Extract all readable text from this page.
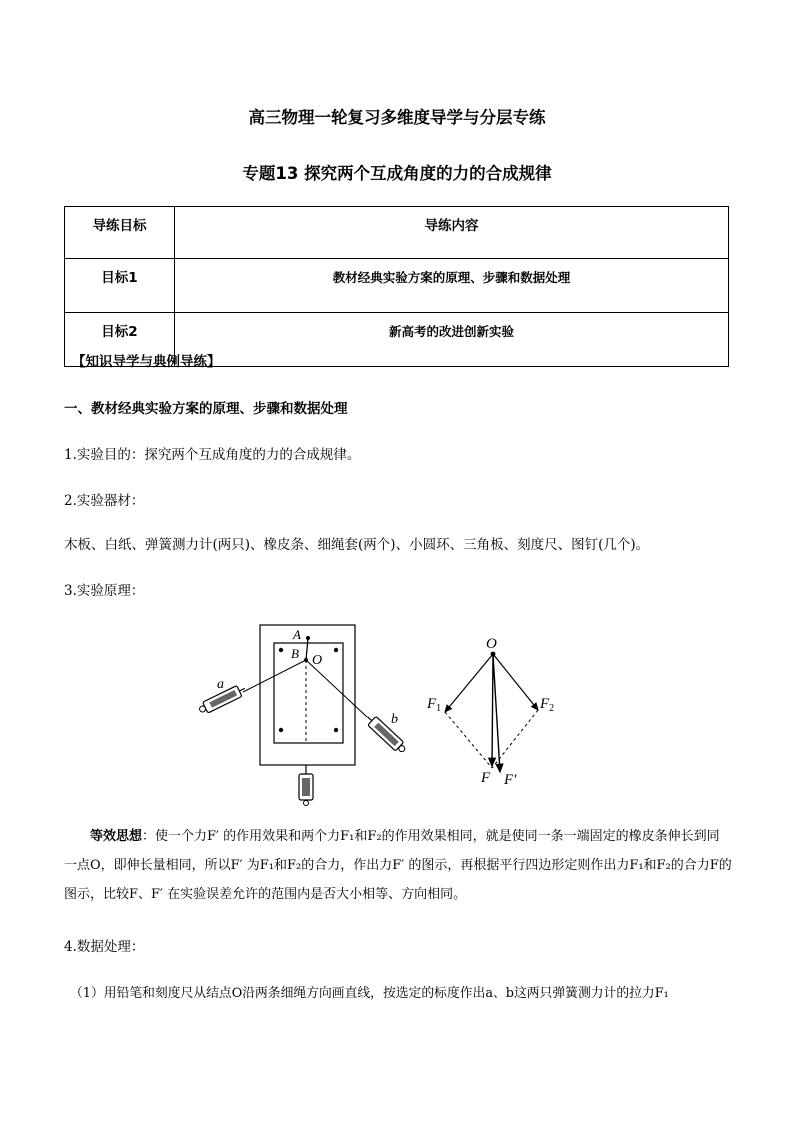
高三物理一轮复习多维度导学与分层专练
专题13 探究两个互成角度的力的合成规律
导练目标	导练内容
目标1	教材经典实验方案的原理、步骤和数据处理
目标2	新高考的改进创新实验
【知识导学与典例导练】
一、教材经典实验方案的原理、步骤和数据处理
1.实验目的：探究两个互成角度的力的合成规律。
2.实验器材：
木板、白纸、弹簧测力计(两只)、橡皮条、细绳套(两个)、小圆环、三角板、刻度尺、图钉(几个)。
3.实验原理：
A
B O
a
b
O
$F_1$	$F_2$
F F′
等效思想：使一个力F′ 的作用效果和两个力F₁和F₂的作用效果相同，就是使同一条一端固定的橡皮条伸长到同一点O，即伸长量相同，所以F′ 为F₁和F₂的合力，作出力F′ 的图示，再根据平行四边形定则作出力F₁和F₂的合力F的图示，比较F、F′ 在实验误差允许的范围内是否大小相等、方向相同。
4.数据处理：
（1）用铅笔和刻度尺从结点O沿两条细绳方向画直线，按选定的标度作出a、b这两只弹簧测力计的拉力F₁
